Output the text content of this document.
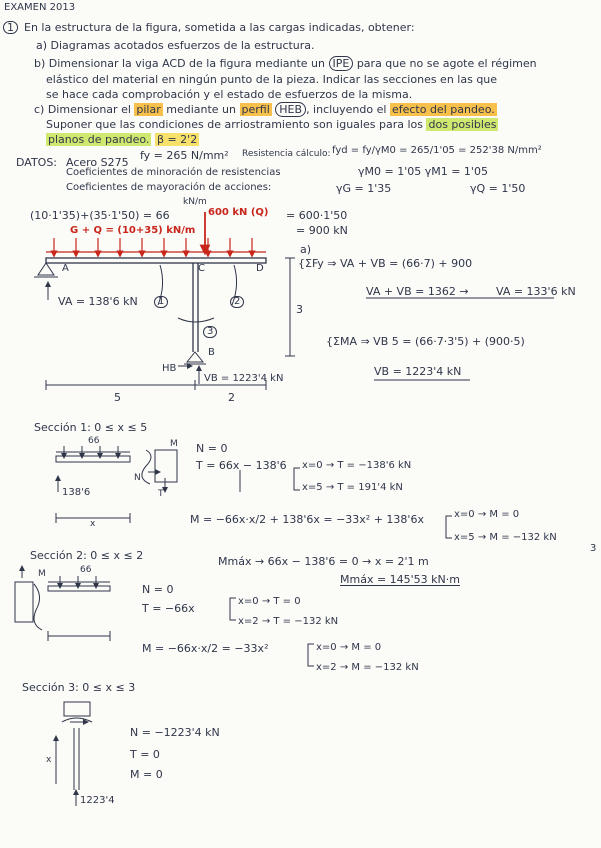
EXAMEN 2013
1 En la estructura de la figura, sometida a las cargas indicadas, obtener:
a) Diagramas acotados esfuerzos de la estructura.
b) Dimensionar la viga ACD de la figura mediante un IPE para que no se agote el régimen
elástico del material en ningún punto de la pieza. Indicar las secciones en las que
se hace cada comprobación y el estado de esfuerzos de la misma.
c) Dimensionar el pilar mediante un perfil HEB , incluyendo el efecto del pandeo.
Suponer que las condiciones de arriostramiento son iguales para los dos posibles
planos de pandeo. β = 2'2
DATOS: Acero S275
fy = 265 N/mm² Resistencia cálculo: fyd = fy/γM0 = 265/1'05 = 252'38 N/mm²
Coeficientes de minoración de resistencias	γM0 = 1'05 γM1 = 1'05
Coeficientes de mayoración de acciones:	γG = 1'35	γQ = 1'50
(10·1'35)+(35·1'50) = 66
kN/m
600 kN (Q) = 600·1'50
= 900 kN
G + Q = (10+35) kN/m
A	C	D
B
1	2
3
VA = 138'6 kN
HB
VB = 1223'4 kN
5	2
3
a)
{ΣFy ⇒ VA + VB = (66·7) + 900
VA + VB = 1362 → VA = 133'6 kN
{ΣMA ⇒ VB 5 = (66·7·3'5) + (900·5)
VB = 1223'4 kN
Sección 1: 0 ≤ x ≤ 5
66	M
N
T
x
138'6
N = 0
T = 66x − 138'6 x=0 → T = −138'6 kN
x=5 → T = 191'4 kN
M = −66x·x/2 + 138'6x = −33x² + 138'6x	x=0 → M = 0
x=5 → M = −132 kN
Mmáx → 66x − 138'6 = 0 → x = 2'1 m
Mmáx = 145'53 kN·m
3
Sección 2: 0 ≤ x ≤ 2
66
M
N = 0
T = −66x
x=0 → T = 0
x=2 → T = −132 kN
M = −66x·x/2 = −33x²	x=0 → M = 0
x=2 → M = −132 kN
Sección 3: 0 ≤ x ≤ 3
x
N = −1223'4 kN
T = 0
M = 0
1223'4
